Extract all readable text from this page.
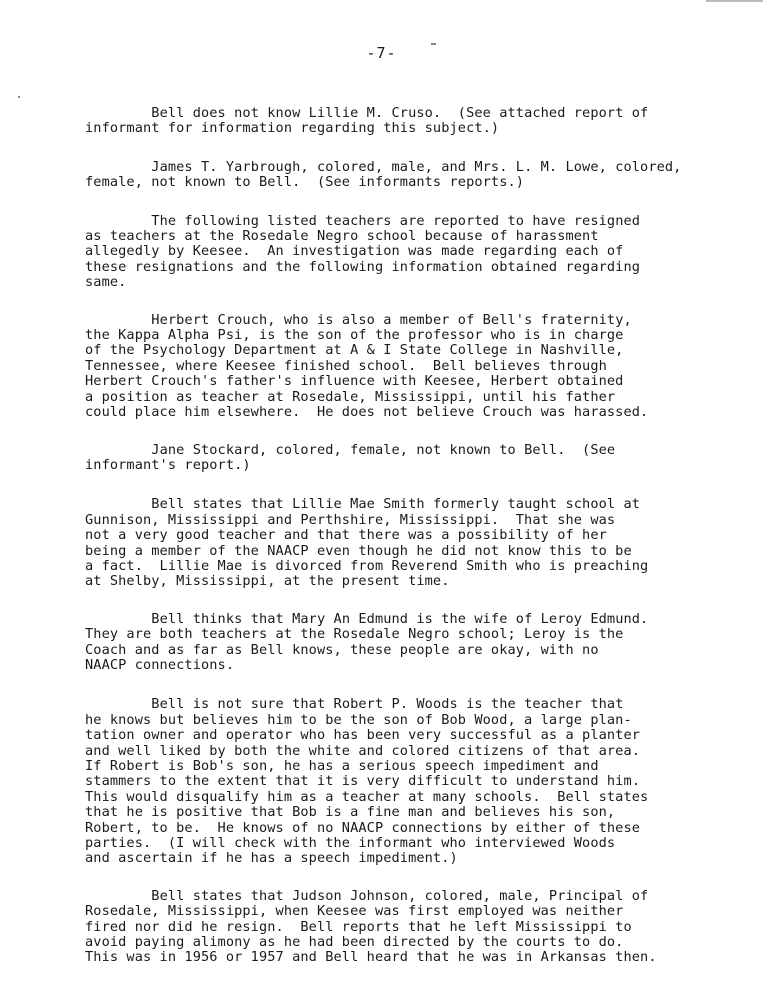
-7-

Bell does not know Lillie M. Cruso.  (See attached report of
informant for information regarding this subject.)

James T. Yarbrough, colored, male, and Mrs. L. M. Lowe, colored,
female, not known to Bell.  (See informants reports.)

The following listed teachers are reported to have resigned
as teachers at the Rosedale Negro school because of harassment
allegedly by Keesee.  An investigation was made regarding each of
these resignations and the following information obtained regarding
same.

Herbert Crouch, who is also a member of Bell's fraternity,
the Kappa Alpha Psi, is the son of the professor who is in charge
of the Psychology Department at A & I State College in Nashville,
Tennessee, where Keesee finished school.  Bell believes through
Herbert Crouch's father's influence with Keesee, Herbert obtained
a position as teacher at Rosedale, Mississippi, until his father
could place him elsewhere.  He does not believe Crouch was harassed.

Jane Stockard, colored, female, not known to Bell.  (See
informant's report.)

Bell states that Lillie Mae Smith formerly taught school at
Gunnison, Mississippi and Perthshire, Mississippi.  That she was
not a very good teacher and that there was a possibility of her
being a member of the NAACP even though he did not know this to be
a fact.  Lillie Mae is divorced from Reverend Smith who is preaching
at Shelby, Mississippi, at the present time.

Bell thinks that Mary An Edmund is the wife of Leroy Edmund.
They are both teachers at the Rosedale Negro school; Leroy is the
Coach and as far as Bell knows, these people are okay, with no
NAACP connections.

Bell is not sure that Robert P. Woods is the teacher that
he knows but believes him to be the son of Bob Wood, a large plan-
tation owner and operator who has been very successful as a planter
and well liked by both the white and colored citizens of that area.
If Robert is Bob's son, he has a serious speech impediment and
stammers to the extent that it is very difficult to understand him.
This would disqualify him as a teacher at many schools.  Bell states
that he is positive that Bob is a fine man and believes his son,
Robert, to be.  He knows of no NAACP connections by either of these
parties.  (I will check with the informant who interviewed Woods
and ascertain if he has a speech impediment.)

Bell states that Judson Johnson, colored, male, Principal of
Rosedale, Mississippi, when Keesee was first employed was neither
fired nor did he resign.  Bell reports that he left Mississippi to
avoid paying alimony as he had been directed by the courts to do.
This was in 1956 or 1957 and Bell heard that he was in Arkansas then.
